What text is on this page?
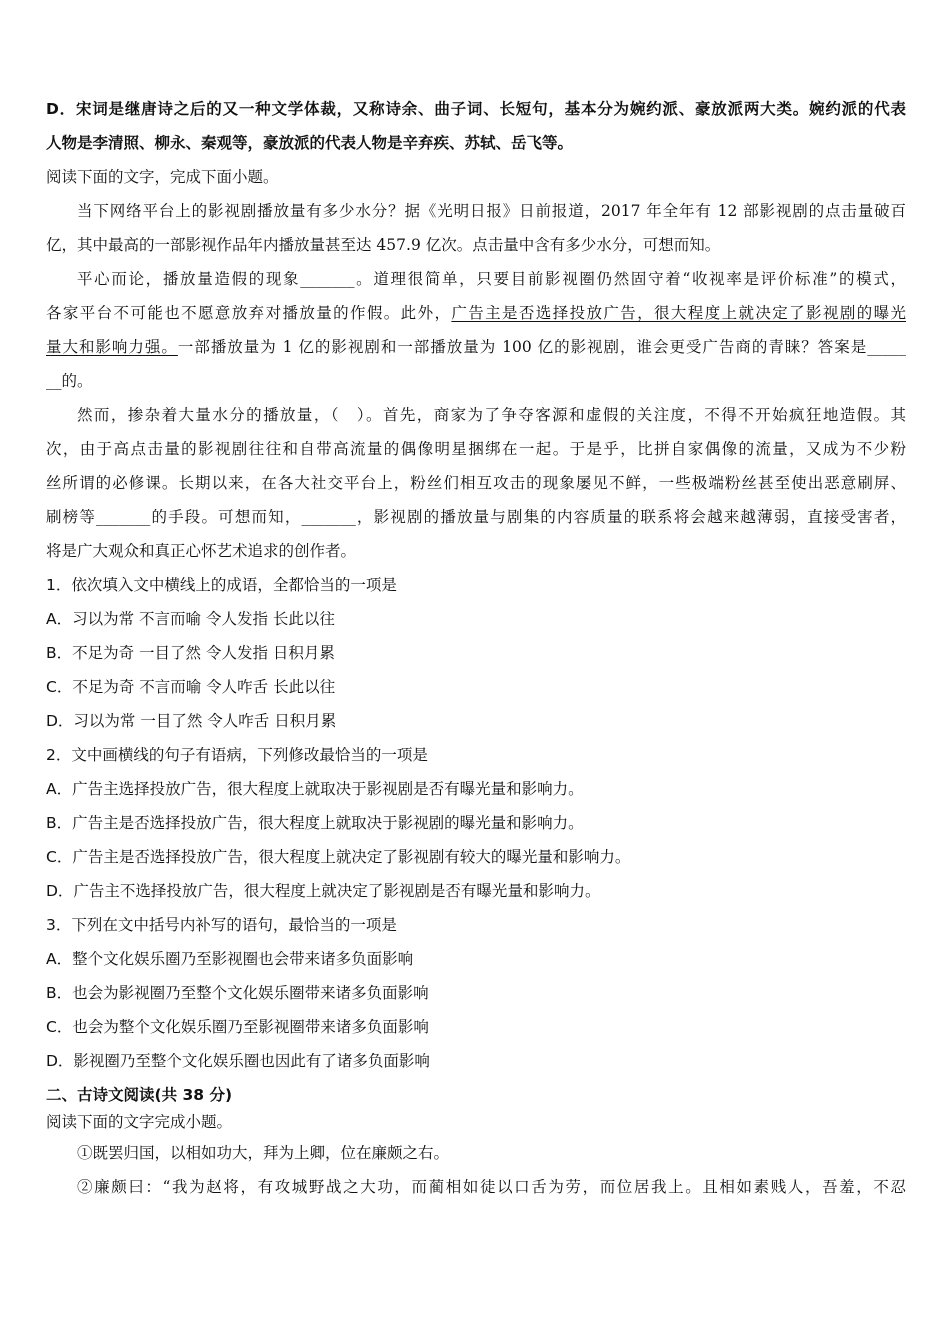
D．宋词是继唐诗之后的又一种文学体裁，又称诗余、曲子词、长短句，基本分为婉约派、豪放派两大类。婉约派的代表

人物是李清照、柳永、秦观等，豪放派的代表人物是辛弃疾、苏轼、岳飞等。

阅读下面的文字，完成下面小题。

当下网络平台上的影视剧播放量有多少水分？据《光明日报》日前报道，2017 年全年有 12 部影视剧的点击量破百

亿，其中最高的一部影视作品年内播放量甚至达 457.9 亿次。点击量中含有多少水分，可想而知。

平心而论，播放量造假的现象_______。道理很简单，只要目前影视圈仍然固守着“收视率是评价标准”的模式，

各家平台不可能也不愿意放弃对播放量的作假。此外，广告主是否选择投放广告，很大程度上就决定了影视剧的曝光

量大和影响力强。一部播放量为 1 亿的影视剧和一部播放量为 100 亿的影视剧，谁会更受广告商的青睐？答案是_____

__的。

然而，掺杂着大量水分的播放量，（　）。首先，商家为了争夺客源和虚假的关注度，不得不开始疯狂地造假。其

次，由于高点击量的影视剧往往和自带高流量的偶像明星捆绑在一起。于是乎，比拼自家偶像的流量，又成为不少粉

丝所谓的必修课。长期以来，在各大社交平台上，粉丝们相互攻击的现象屡见不鲜，一些极端粉丝甚至使出恶意刷屏、

刷榜等_______的手段。可想而知，_______，影视剧的播放量与剧集的内容质量的联系将会越来越薄弱，直接受害者，

将是广大观众和真正心怀艺术追求的创作者。

1．依次填入文中横线上的成语，全都恰当的一项是

A．习以为常 不言而喻 令人发指 长此以往

B．不足为奇 一目了然 令人发指 日积月累

C．不足为奇 不言而喻 令人咋舌 长此以往

D．习以为常 一目了然 令人咋舌 日积月累

2．文中画横线的句子有语病，下列修改最恰当的一项是

A．广告主选择投放广告，很大程度上就取决于影视剧是否有曝光量和影响力。

B．广告主是否选择投放广告，很大程度上就取决于影视剧的曝光量和影响力。

C．广告主是否选择投放广告，很大程度上就决定了影视剧有较大的曝光量和影响力。

D．广告主不选择投放广告，很大程度上就决定了影视剧是否有曝光量和影响力。

3．下列在文中括号内补写的语句，最恰当的一项是

A．整个文化娱乐圈乃至影视圈也会带来诸多负面影响

B．也会为影视圈乃至整个文化娱乐圈带来诸多负面影响

C．也会为整个文化娱乐圈乃至影视圈带来诸多负面影响

D．影视圈乃至整个文化娱乐圈也因此有了诸多负面影响

二、古诗文阅读(共 38 分)

阅读下面的文字完成小题。

①既罢归国，以相如功大，拜为上卿，位在廉颇之右。

②廉颇曰：“我为赵将，有攻城野战之大功，而蔺相如徒以口舌为劳，而位居我上。且相如素贱人，吾羞，不忍
